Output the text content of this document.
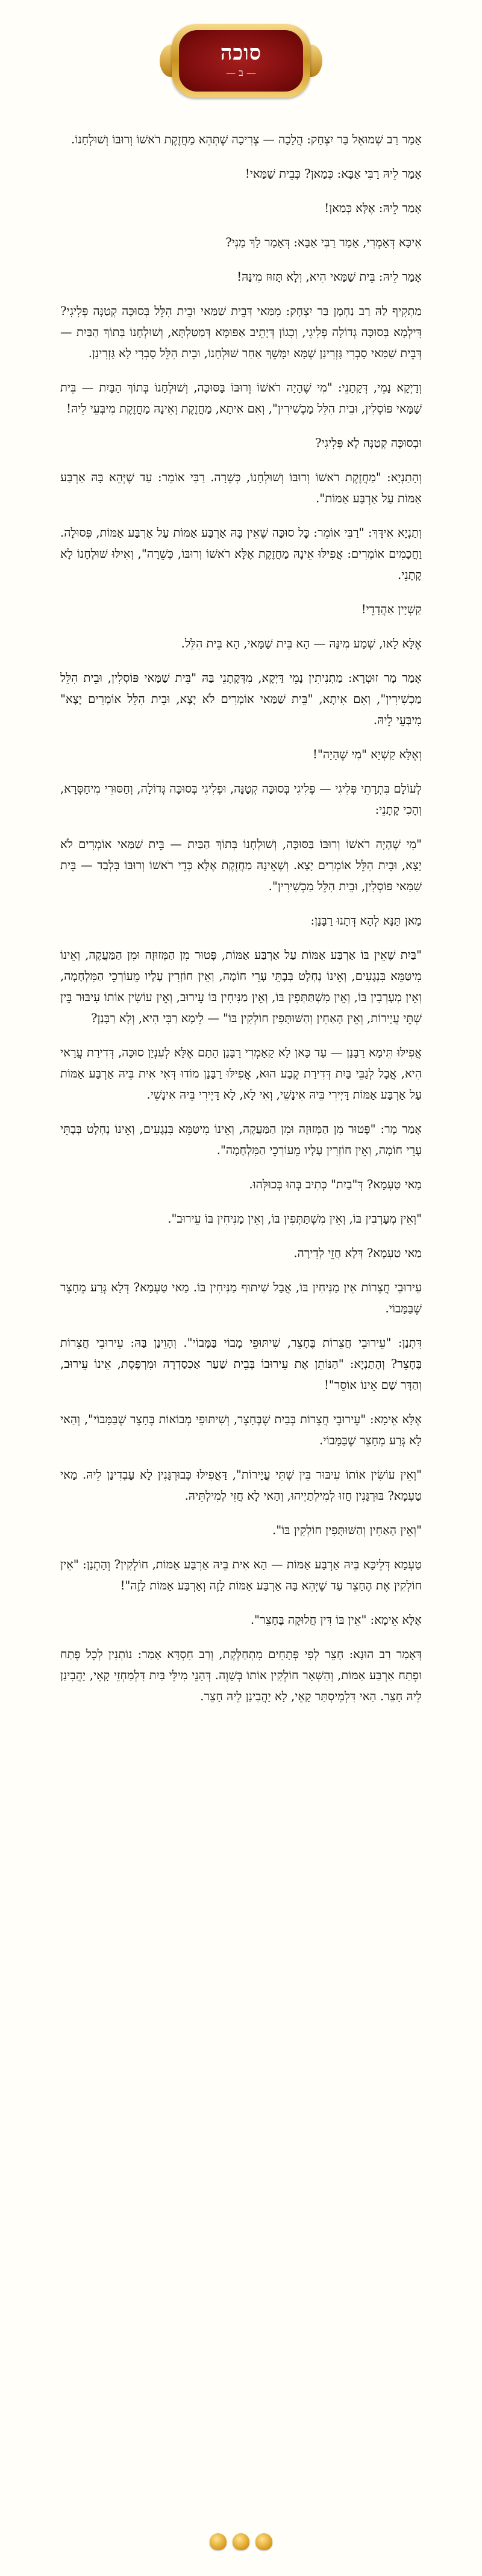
סוכה
— ב —

אָמַר רַב שְׁמוּאֵל בַּר יִצְחָק: הֲלָכָה — צְרִיכָה שֶׁתְּהֵא מַחֲזֶקֶת רֹאשׁוֹ וְרוּבּוֹ וְשׁוּלְחָנוֹ.

אָמַר לֵיהּ רַבִּי אַבָּא: כְּמַאן? כְּבֵית שַׁמַּאי!

אָמַר לֵיהּ: אֶלָּא כְּמַאן!

אִיכָּא דְּאָמְרִי, אָמַר רַבִּי אַבָּא: דְּאָמַר לָךְ מַנִּי?

אָמַר לֵיהּ: בֵּית שַׁמַּאי הִיא, וְלָא תָּזוּז מִינַּהּ!

מַתְקִיף לַהּ רַב נַחְמָן בַּר יִצְחָק: מִמַּאי דְּבֵית שַׁמַּאי וּבֵית הִלֵּל בְּסוּכָּה קְטַנָּה פְּלִיגִי? דִּילְמָא בְּסוּכָּה גְּדוֹלָה פְּלִיגִי, וְכִגוֹן דְּיָתֵיב אַפּוּמָּא דְּמַטַּלְתָּא, וְשׁוּלְחָנוֹ בְּתוֹךְ הַבַּיִת — דְּבֵית שַׁמַּאי סָבְרִי גָּזְרִינַן שֶׁמָּא יִמָּשֵׁךְ אַחַר שׁוּלְחָנוֹ, וּבֵית הִלֵּל סָבְרִי לָא גָּזְרִינַן.

וְדַיְקָא נָמֵי, דְּקָתָנֵי: "מִי שֶׁהָיָה רֹאשׁוֹ וְרוּבּוֹ בַּסּוּכָּה, וְשׁוּלְחָנוֹ בְּתוֹךְ הַבַּיִת — בֵּית שַׁמַּאי פּוֹסְלִין, וּבֵית הִלֵּל מַכְשִׁירִין", וְאִם אִיתָא, מַחֲזֶקֶת וְאֵינָהּ מַחֲזֶקֶת מִיבְּעֵי לֵיהּ!

וּבְסוּכָּה קְטַנָּה לָא פְּלִיגִי?

וְהָתַנְיָא: "מַחֲזֶקֶת רֹאשׁוֹ וְרוּבּוֹ וְשׁוּלְחָנוֹ, כְּשֵׁרָה. רַבִּי אוֹמֵר: עַד שֶׁיְּהֵא בָּהּ אַרְבַּע אַמּוֹת עַל אַרְבַּע אַמּוֹת".

וְתַנְיָא אִידָּךְ: "רַבִּי אוֹמֵר: כׇּל סוּכָּה שֶׁאֵין בָּהּ אַרְבַּע אַמּוֹת עַל אַרְבַּע אַמּוֹת, פְּסוּלָה. וַחֲכָמִים אוֹמְרִים: אֲפִילּוּ אֵינָהּ מַחֲזֶקֶת אֶלָּא רֹאשׁוֹ וְרוּבּוֹ, כְּשֵׁרָה", וְאִילּוּ שׁוּלְחָנוֹ לָא קָתָנֵי.

קַשְׁיָין אַהֲדָדֵי!

אֶלָּא לָאו, שְׁמַע מִינַּהּ — הָא בֵּית שַׁמַּאי, הָא בֵּית הִלֵּל.

אָמַר מָר זוּטְרָא: מַתְנִיתִין נָמֵי דַּיְקָא, מִדְּקָתָנֵי בַּהּ "בֵּית שַׁמַּאי פּוֹסְלִין, וּבֵית הִלֵּל מַכְשִׁירִין", וְאִם אִיתָא, "בֵּית שַׁמַּאי אוֹמְרִים לֹא יָצָא, וּבֵית הִלֵּל אוֹמְרִים יָצָא" מִיבְּעֵי לֵיהּ.

וְאֶלָּא קַשְׁיָא "מִי שֶׁהָיָה"!

לְעוֹלָם בִּתְרָתֵי פְּלִיגִי — פְּלִיגִי בְּסוּכָּה קְטַנָּה, וּפְלִיגִי בְּסוּכָּה גְּדוֹלָה, וְחַסּוּרֵי מִיחַסְּרָא, וְהָכִי קָתָנֵי:

"מִי שֶׁהָיָה רֹאשׁוֹ וְרוּבּוֹ בַּסּוּכָּה, וְשׁוּלְחָנוֹ בְּתוֹךְ הַבַּיִת — בֵּית שַׁמַּאי אוֹמְרִים לֹא יָצָא, וּבֵית הִלֵּל אוֹמְרִים יָצָא. וְשֶׁאֵינָהּ מַחֲזֶקֶת אֶלָּא כְּדֵי רֹאשׁוֹ וְרוּבּוֹ בִּלְבַד — בֵּית שַׁמַּאי פּוֹסְלִין, וּבֵית הִלֵּל מַכְשִׁירִין".

מַאן תַּנָּא לְהָא דְּתָנוּ רַבָּנַן:

"בַּיִת שֶׁאֵין בּוֹ אַרְבַּע אַמּוֹת עַל אַרְבַּע אַמּוֹת, פָּטוּר מִן הַמְּזוּזָה וּמִן הַמַּעֲקֶה, וְאֵינוֹ מִיטַּמֵּא בִּנְגָעִים, וְאֵינוֹ נֶחְלָט בְּבָתֵּי עָרֵי חוֹמָה, וְאֵין חוֹזְרִין עָלָיו מֵעוֹרְכֵי הַמִּלְחָמָה, וְאֵין מְעָרְבִין בּוֹ, וְאֵין מִשְׁתַּתְּפִין בּוֹ, וְאֵין מַנִּיחִין בּוֹ עֵירוּב, וְאֵין עוֹשִׂין אוֹתוֹ עִיבּוּר בֵּין שְׁתֵּי עֲיָירוֹת, וְאֵין הָאַחִין וְהַשּׁוּתָּפִין חוֹלְקִין בּוֹ" — לֵימָא רַבִּי הִיא, וְלָא רַבָּנַן?

אֲפִילּוּ תֵּימָא רַבָּנַן — עַד כָּאן לָא קָאָמְרִי רַבָּנַן הָתָם אֶלָּא לְעִנְיַן סוּכָּה, דְּדִירַת עֲרַאי הִיא, אֲבָל לְגַבֵּי בַּיִת דְּדִירַת קֶבַע הוּא, אֲפִילּוּ רַבָּנַן מוֹדוּ דְּאִי אִית בֵּיהּ אַרְבַּע אַמּוֹת עַל אַרְבַּע אַמּוֹת דָּיְירִי בֵּיהּ אִינָשֵׁי, וְאִי לָא, לָא דָּיְירִי בֵּיהּ אִינָשֵׁי.

אָמַר מָר: "פָּטוּר מִן הַמְּזוּזָה וּמִן הַמַּעֲקֶה, וְאֵינוֹ מִיטַּמֵּא בִּנְגָעִים, וְאֵינוֹ נֶחְלָט בְּבָתֵּי עָרֵי חוֹמָה, וְאֵין חוֹזְרִין עָלָיו מֵעוֹרְכֵי הַמִּלְחָמָה".

מַאי טַעְמָא? דְּ"בַיִת" כְּתִיב בְּהוּ בְּכוּלְּהוּ.

"וְאֵין מְעָרְבִין בּוֹ, וְאֵין מִשְׁתַּתְּפִין בּוֹ, וְאֵין מַנִּיחִין בּוֹ עֵירוּב".

מַאי טַעְמָא? דְּלָא חֲזֵי לְדִירָה.

עֵירוּבֵי חֲצֵרוֹת אֵין מַנִּיחִין בּוֹ, אֲבָל שִׁיתּוּף מַנִּיחִין בּוֹ. מַאי טַעְמָא? דְּלָא גְּרַע מֵחָצֵר שֶׁבַּמָּבוֹי.

דִּתְנַן: "עֵירוּבֵי חֲצֵרוֹת בֶּחָצֵר, שִׁיתּוּפֵי מָבוֹי בַּמָּבוֹי". וְהָוֵינַן בַּהּ: עֵירוּבֵי חֲצֵרוֹת בֶּחָצֵר? וְהָתַנְיָא: "הַנּוֹתֵן אֶת עֵירוּבוֹ בְּבֵית שַׁעַר אַכְסַדְרָה וּמִרְפֶּסֶת, אֵינוֹ עֵירוּב, וְהַדָּר שָׁם אֵינוֹ אוֹסֵר"!

אֶלָּא אֵימָא: "עֵירוּבֵי חֲצֵרוֹת בְּבַיִת שֶׁבֶּחָצֵר, וְשִׁיתּוּפֵי מְבוֹאוֹת בֶּחָצֵר שֶׁבַּמָּבוֹי", וְהַאי לָא גְּרַע מֵחָצֵר שֶׁבַּמָּבוֹי.

"וְאֵין עוֹשִׂין אוֹתוֹ עִיבּוּר בֵּין שְׁתֵּי עֲיָירוֹת", דַּאֲפִילּוּ כְּבוּרְגָּנִין לָא עָבְדִינַן לֵיהּ. מַאי טַעְמָא? בּוּרְגָּנִין חֲזוּ לְמִילְתַיְיהוּ, וְהַאי לָא חֲזֵי לְמִילְתֵּיהּ.

"וְאֵין הָאַחִין וְהַשּׁוּתָּפִין חוֹלְקִין בּוֹ".

טַעְמָא דְּלֵיכָּא בֵּיהּ אַרְבַּע אַמּוֹת — הָא אִית בֵּיהּ אַרְבַּע אַמּוֹת, חוֹלְקִין? וְהָתְנַן: "אֵין חוֹלְקִין אֶת הֶחָצֵר עַד שֶׁיְּהֵא בָּהּ אַרְבַּע אַמּוֹת לָזֶה וְאַרְבַּע אַמּוֹת לָזֶה"!

אֶלָּא אֵימָא: "אֵין בּוֹ דִּין חֲלוּקָה בֶּחָצֵר".

דְּאָמַר רַב הוּנָא: חָצֵר לְפִי פְּתָחִים מִתְחַלֶּקֶת, וְרַב חִסְדָּא אָמַר: נוֹתְנִין לְכׇל פֶּתַח וּפֶתַח אַרְבַּע אַמּוֹת, וְהַשְּׁאָר חוֹלְקִין אוֹתוֹ בְּשָׁוֶה. דְּהָנֵי מִילֵּי בַּיִת דִּלְמַחְזֵי קָאֵי, יָהֲבִינַן לֵיהּ חָצֵר. הַאי דִּלְמֵיסְתַּר קָאֵי, לָא יָהֲבִינַן לֵיהּ חָצֵר.
